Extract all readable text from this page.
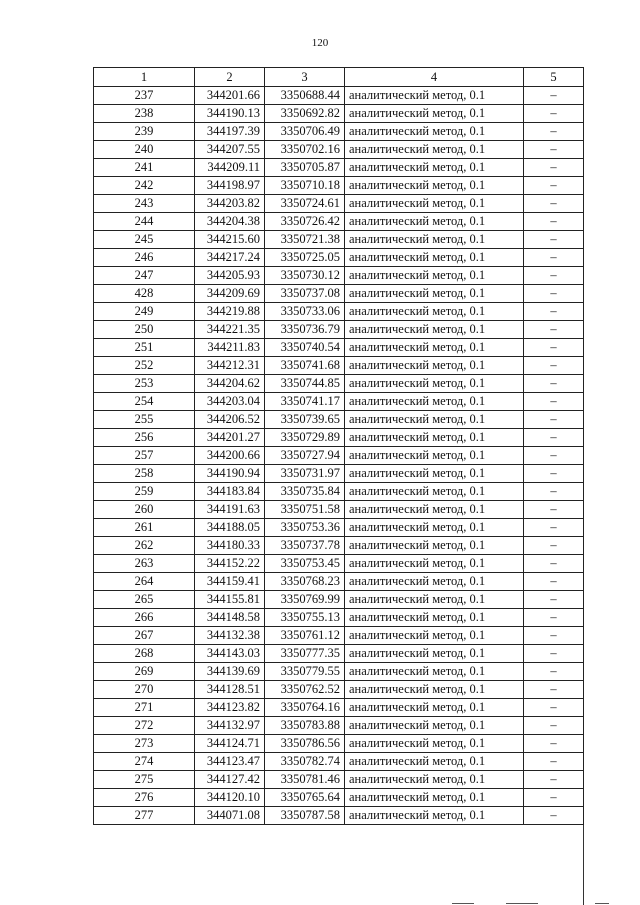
120
1	2	3	4	5
237	344201.66	3350688.44	аналитический метод, 0.1	–
238	344190.13	3350692.82	аналитический метод, 0.1	–
239	344197.39	3350706.49	аналитический метод, 0.1	–
240	344207.55	3350702.16	аналитический метод, 0.1	–
241	344209.11	3350705.87	аналитический метод, 0.1	–
242	344198.97	3350710.18	аналитический метод, 0.1	–
243	344203.82	3350724.61	аналитический метод, 0.1	–
244	344204.38	3350726.42	аналитический метод, 0.1	–
245	344215.60	3350721.38	аналитический метод, 0.1	–
246	344217.24	3350725.05	аналитический метод, 0.1	–
247	344205.93	3350730.12	аналитический метод, 0.1	–
428	344209.69	3350737.08	аналитический метод, 0.1	–
249	344219.88	3350733.06	аналитический метод, 0.1	–
250	344221.35	3350736.79	аналитический метод, 0.1	–
251	344211.83	3350740.54	аналитический метод, 0.1	–
252	344212.31	3350741.68	аналитический метод, 0.1	–
253	344204.62	3350744.85	аналитический метод, 0.1	–
254	344203.04	3350741.17	аналитический метод, 0.1	–
255	344206.52	3350739.65	аналитический метод, 0.1	–
256	344201.27	3350729.89	аналитический метод, 0.1	–
257	344200.66	3350727.94	аналитический метод, 0.1	–
258	344190.94	3350731.97	аналитический метод, 0.1	–
259	344183.84	3350735.84	аналитический метод, 0.1	–
260	344191.63	3350751.58	аналитический метод, 0.1	–
261	344188.05	3350753.36	аналитический метод, 0.1	–
262	344180.33	3350737.78	аналитический метод, 0.1	–
263	344152.22	3350753.45	аналитический метод, 0.1	–
264	344159.41	3350768.23	аналитический метод, 0.1	–
265	344155.81	3350769.99	аналитический метод, 0.1	–
266	344148.58	3350755.13	аналитический метод, 0.1	–
267	344132.38	3350761.12	аналитический метод, 0.1	–
268	344143.03	3350777.35	аналитический метод, 0.1	–
269	344139.69	3350779.55	аналитический метод, 0.1	–
270	344128.51	3350762.52	аналитический метод, 0.1	–
271	344123.82	3350764.16	аналитический метод, 0.1	–
272	344132.97	3350783.88	аналитический метод, 0.1	–
273	344124.71	3350786.56	аналитический метод, 0.1	–
274	344123.47	3350782.74	аналитический метод, 0.1	–
275	344127.42	3350781.46	аналитический метод, 0.1	–
276	344120.10	3350765.64	аналитический метод, 0.1	–
277	344071.08	3350787.58	аналитический метод, 0.1	–
